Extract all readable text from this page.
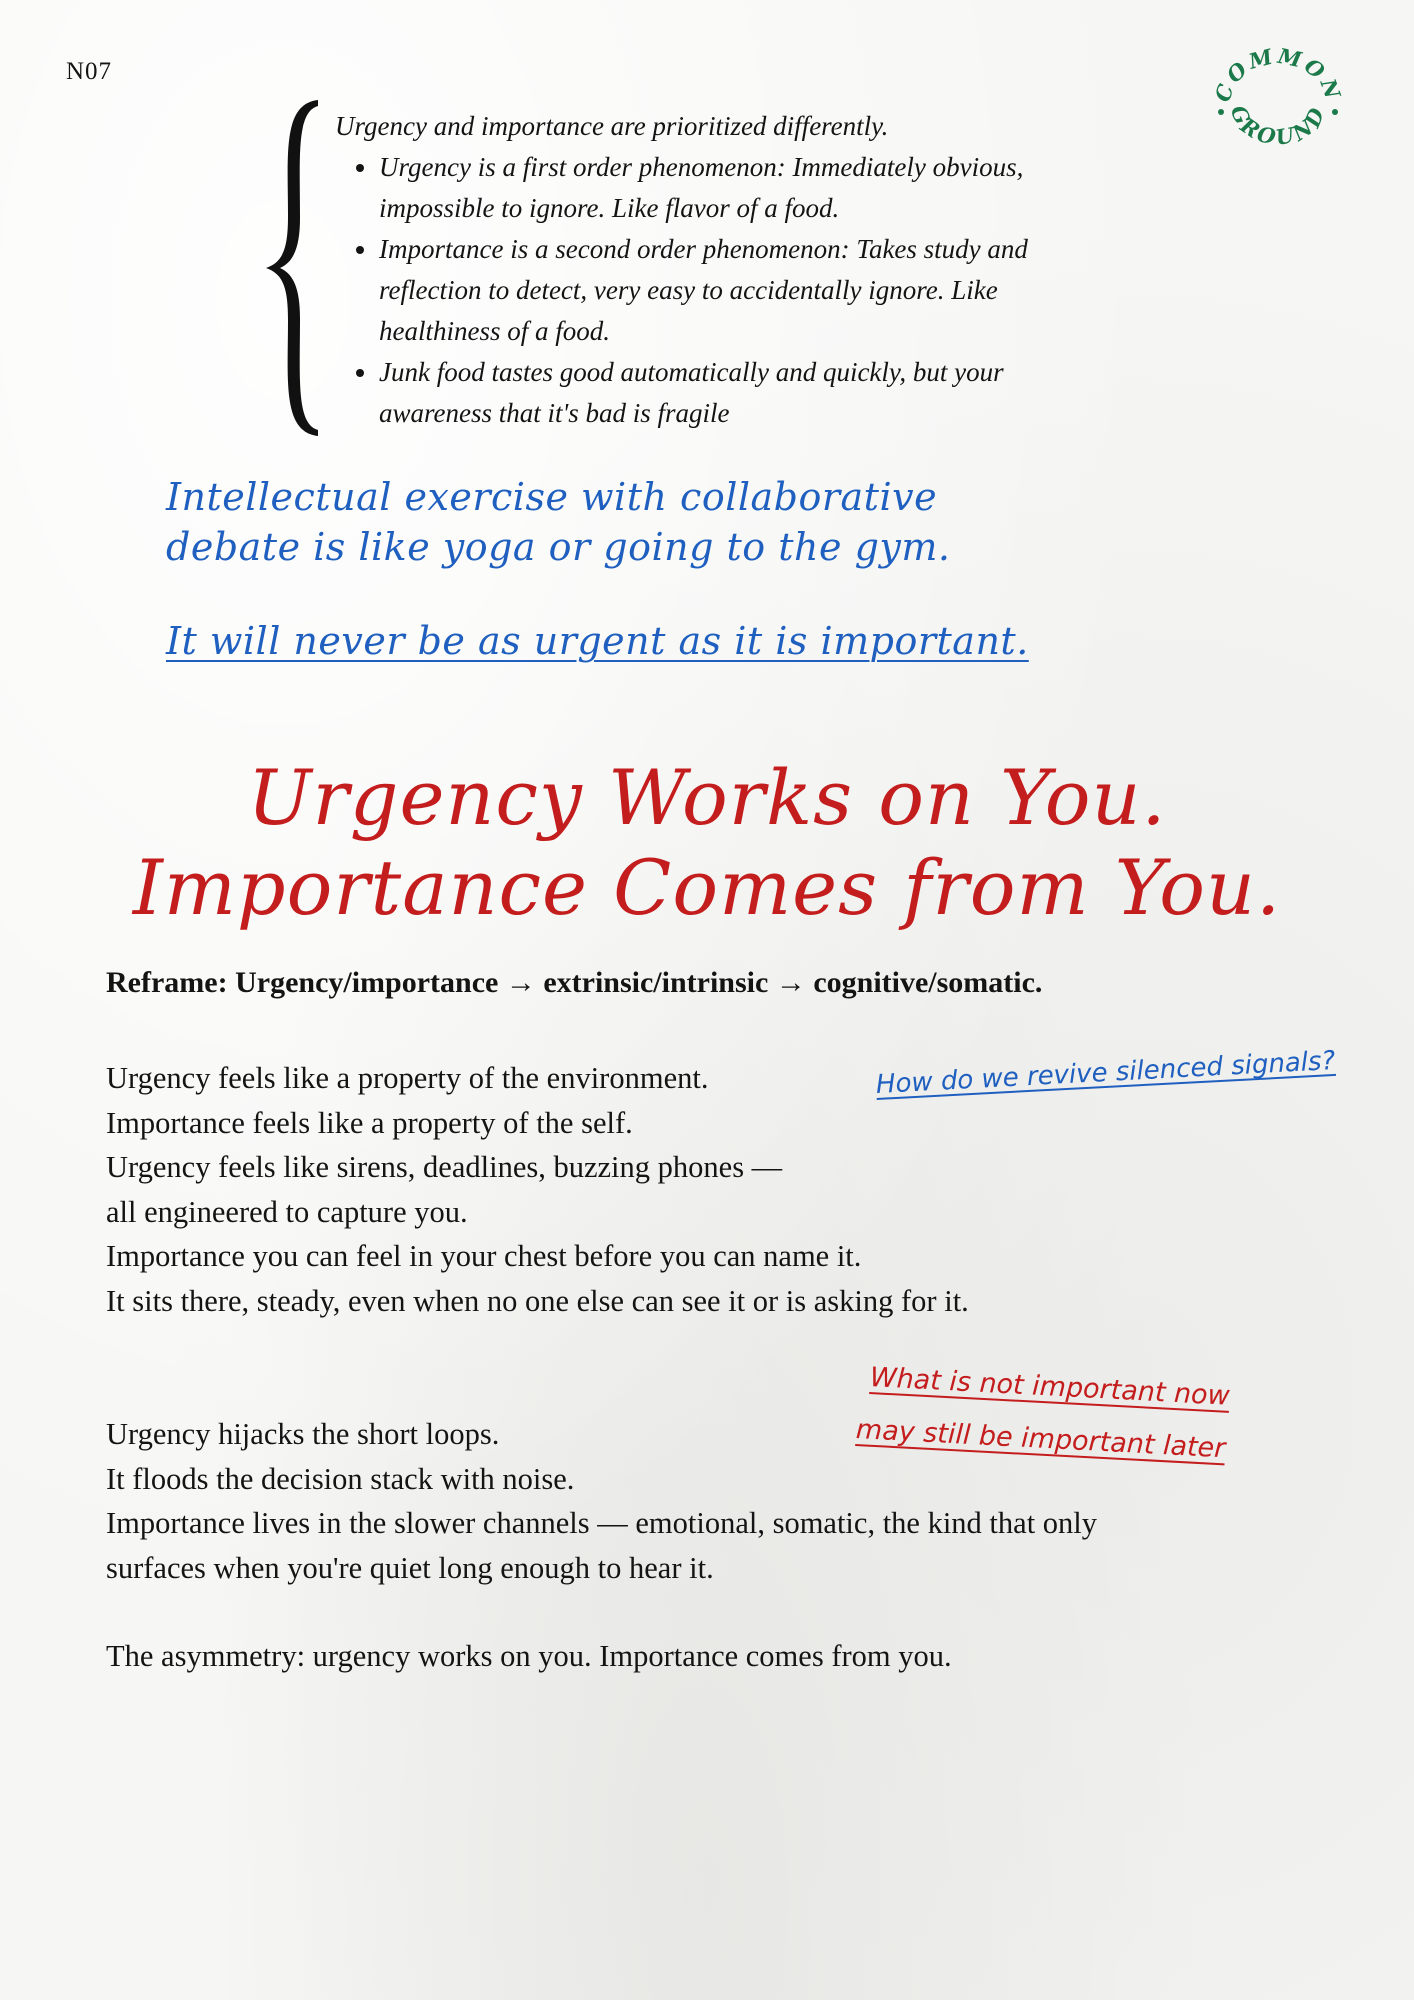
N07
COMMON
GROUND

Urgency and importance are prioritized differently.

• Urgency is a first order phenomenon: Immediately obvious, impossible to ignore. Like flavor of a food.
• Importance is a second order phenomenon: Takes study and reflection to detect, very easy to accidentally ignore. Like healthiness of a food.
• Junk food tastes good automatically and quickly, but your awareness that it's bad is fragile
Intellectual exercise with collaborative debate is like yoga or going to the gym.
It will never be as urgent as it is important.
Urgency Works on You.
Importance Comes from You.
Reframe: Urgency/importance → extrinsic/intrinsic → cognitive/somatic.
Urgency feels like a property of the environment.
Importance feels like a property of the self.
Urgency feels like sirens, deadlines, buzzing phones —
all engineered to capture you.
Importance you can feel in your chest before you can name it.
It sits there, steady, even when no one else can see it or is asking for it.
How do we revive silenced signals?
What is not important now
may still be important later
Urgency hijacks the short loops.
It floods the decision stack with noise.
Importance lives in the slower channels — emotional, somatic, the kind that only
surfaces when you're quiet long enough to hear it.
The asymmetry: urgency works on you. Importance comes from you.
